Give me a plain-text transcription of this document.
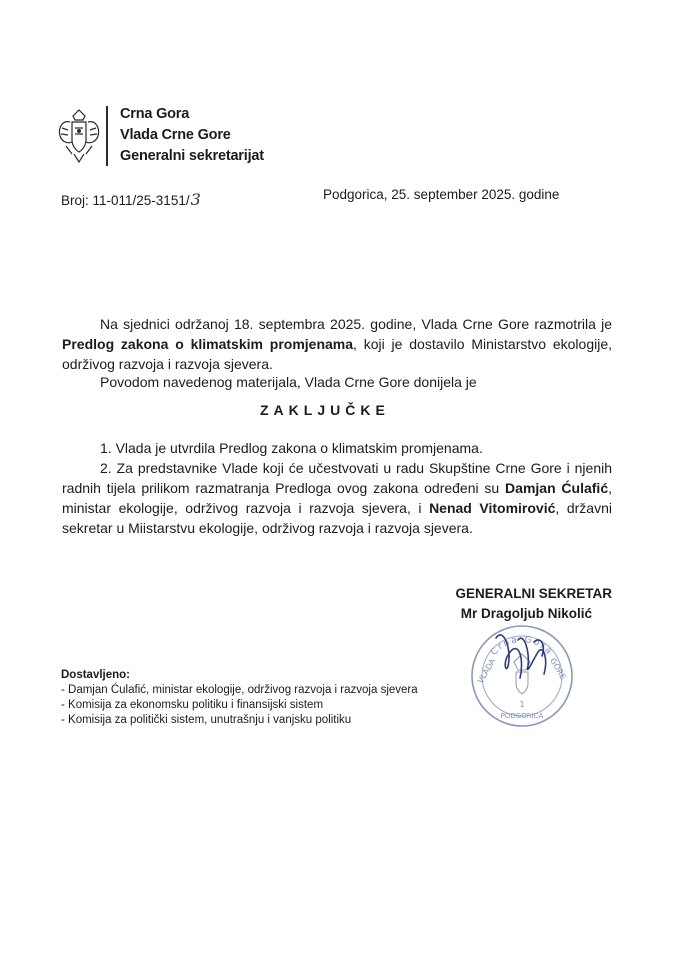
Crna Gora
Vlada Crne Gore
Generalni sekretarijat
Broj: 11-011/25-3151/3	Podgorica, 25. september 2025. godine
Na sjednici održanoj 18. septembra 2025. godine, Vlada Crne Gore razmotrila je Predlog zakona o klimatskim promjenama, koji je dostavilo Ministarstvo ekologije, održivog razvoja i razvoja sjevera.
Povodom navedenog materijala, Vlada Crne Gore donijela je
ZAKLJUČKE
1. Vlada je utvrdila Predlog zakona o klimatskim promjenama.
2. Za predstavnike Vlade koji će učestvovati u radu Skupštine Crne Gore i njenih radnih tijela prilikom razmatranja Predloga ovog zakona određeni su Damjan Ćulafić, ministar ekologije, održivog razvoja i razvoja sjevera, i Nenad Vitomirović, državni sekretar u Miistarstvu ekologije, održivog razvoja i razvoja sjevera.
GENERALNI SEKRETAR
Mr Dragoljub Nikolić
Crna Gora
VLADA	GORE
1
PODGORICA
Dostavljeno:
- Damjan Ćulafić, ministar ekologije, održivog razvoja i razvoja sjevera
- Komisija za ekonomsku politiku i finansijski sistem
- Komisija za politički sistem, unutrašnju i vanjsku politiku
